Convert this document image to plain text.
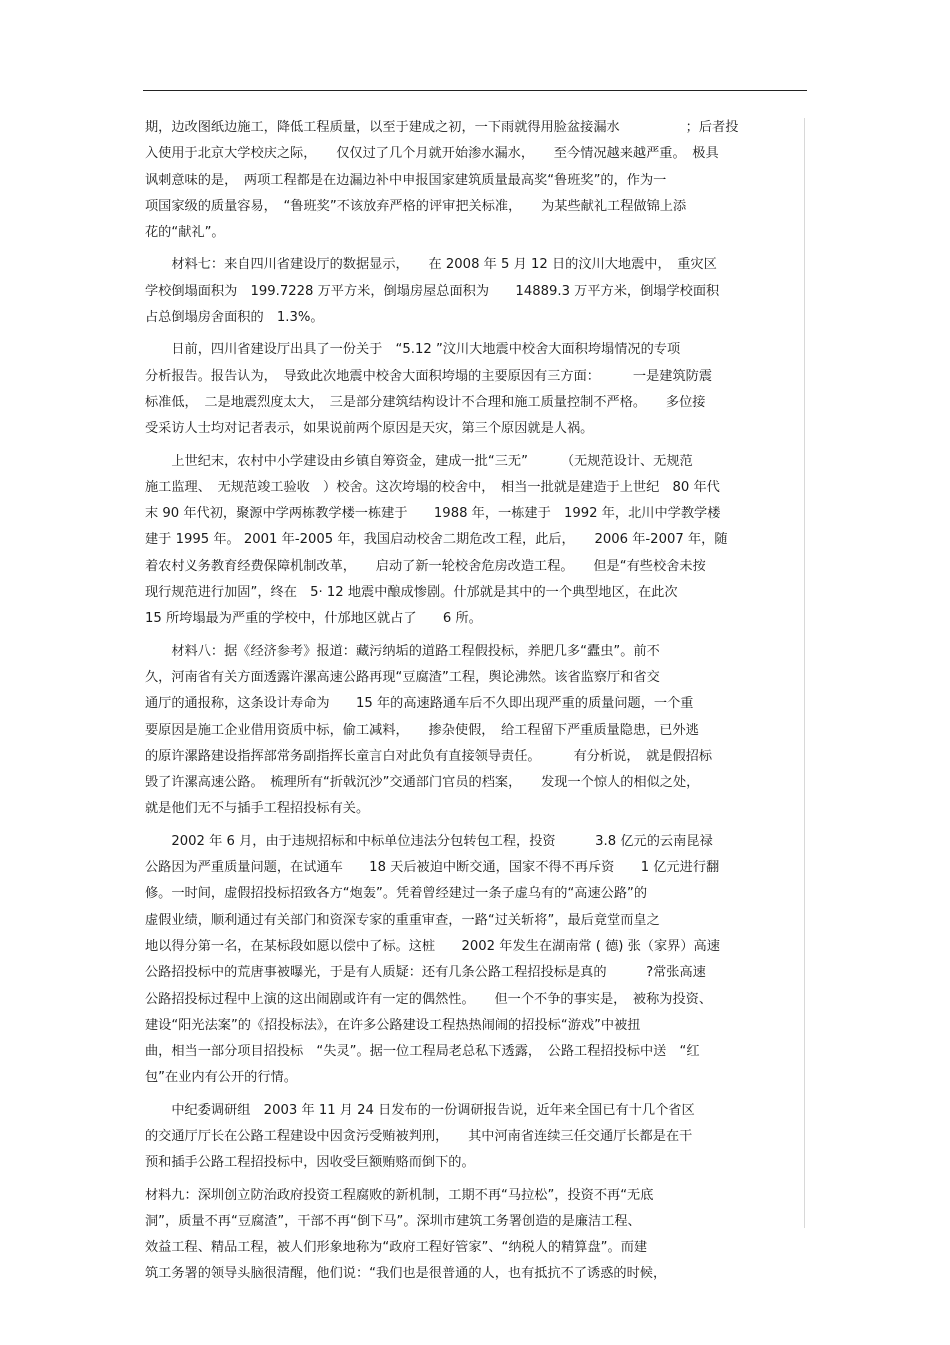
期，边改图纸边施工，降低工程质量，以至于建成之初，一下雨就得用脸盆接漏水　　　　　；后者投
入使用于北京大学校庆之际，　　仅仅过了几个月就开始渗水漏水，　　至今情况越来越严重。　极具
讽刺意味的是，　两项工程都是在边漏边补中申报国家建筑质量最高奖“鲁班奖”的，作为一
项国家级的质量容易，　“鲁班奖”不该放弃严格的评审把关标准，　　为某些献礼工程做锦上添
花的“献礼”。
　　材料七：来自四川省建设厅的数据显示，　　在 2008 年 5 月 12 日的汶川大地震中，　重灾区
学校倒塌面积为　199.7228 万平方米，倒塌房屋总面积为　　14889.3 万平方米，倒塌学校面积
占总倒塌房舍面积的　1.3%。
　　日前，四川省建设厅出具了一份关于　“5.12 ”汶川大地震中校舍大面积垮塌情况的专项
分析报告。报告认为，　导致此次地震中校舍大面积垮塌的主要原因有三方面：　　　一是建筑防震
标准低，　二是地震烈度太大，　三是部分建筑结构设计不合理和施工质量控制不严格。　　多位接
受采访人士均对记者表示，如果说前两个原因是天灾，第三个原因就是人祸。
　　上世纪末，农村中小学建设由乡镇自筹资金，建成一批“三无”　　　（无规范设计、无规范
施工监理、　无规范竣工验收　）校舍。这次垮塌的校舍中，　相当一批就是建造于上世纪　80 年代
末 90 年代初，聚源中学两栋教学楼一栋建于　　1988 年，一栋建于　1992 年，北川中学教学楼
建于 1995 年。 2001 年-2005 年，我国启动校舍二期危改工程，此后，　　2006 年-2007 年，随
着农村义务教育经费保障机制改革，　　启动了新一轮校舍危房改造工程。　　但是“有些校舍未按
现行规范进行加固”，终在　5· 12 地震中酿成惨剧。什邡就是其中的一个典型地区，在此次
15 所垮塌最为严重的学校中，什邡地区就占了　　6 所。
　　材料八：据《经济参考》报道：藏污纳垢的道路工程假投标，养肥几多“蠹虫”。前不
久，河南省有关方面透露许漯高速公路再现“豆腐渣”工程，舆论沸然。该省监察厅和省交
通厅的通报称，这条设计寿命为　　15 年的高速路通车后不久即出现严重的质量问题，一个重
要原因是施工企业借用资质中标，偷工减料，　　掺杂使假，　给工程留下严重质量隐患，已外逃
的原许漯路建设指挥部常务副指挥长童言白对此负有直接领导责任。　　　有分析说，　就是假招标
毁了许漯高速公路。　梳理所有“折戟沉沙”交通部门官员的档案，　　发现一个惊人的相似之处，
就是他们无不与插手工程招投标有关。
　　2002 年 6 月，由于违规招标和中标单位违法分包转包工程，投资　　　3.8 亿元的云南昆禄
公路因为严重质量问题，在试通车　　18 天后被迫中断交通，国家不得不再斥资　　1 亿元进行翻
修。一时间，虚假招投标招致各方“炮轰”。凭着曾经建过一条子虚乌有的“高速公路”的
虚假业绩，顺利通过有关部门和资深专家的重重审查，一路“过关斩将”，最后竟堂而皇之
地以得分第一名，在某标段如愿以偿中了标。这桩　　2002 年发生在湖南常 ( 德) 张（家界）高速
公路招投标中的荒唐事被曝光，于是有人质疑：还有几条公路工程招投标是真的　　　?常张高速
公路招投标过程中上演的这出闹剧或许有一定的偶然性。　　但一个不争的事实是，　被称为投资、
建设“阳光法案”的《招投标法》，在许多公路建设工程热热闹闹的招投标“游戏”中被扭
曲，相当一部分项目招投标　“失灵”。据一位工程局老总私下透露，　公路工程招投标中送　“红
包”在业内有公开的行情。
　　中纪委调研组　2003 年 11 月 24 日发布的一份调研报告说，近年来全国已有十几个省区
的交通厅厅长在公路工程建设中因贪污受贿被判刑，　　其中河南省连续三任交通厅长都是在干
预和插手公路工程招投标中，因收受巨额贿赂而倒下的。
材料九：深圳创立防治政府投资工程腐败的新机制，工期不再“马拉松”，投资不再“无底
洞”，质量不再“豆腐渣”，干部不再“倒下马”。深圳市建筑工务署创造的是廉洁工程、
效益工程、精品工程，被人们形象地称为“政府工程好管家”、“纳税人的精算盘”。而建
筑工务署的领导头脑很清醒，他们说：“我们也是很普通的人，也有抵抗不了诱惑的时候，
